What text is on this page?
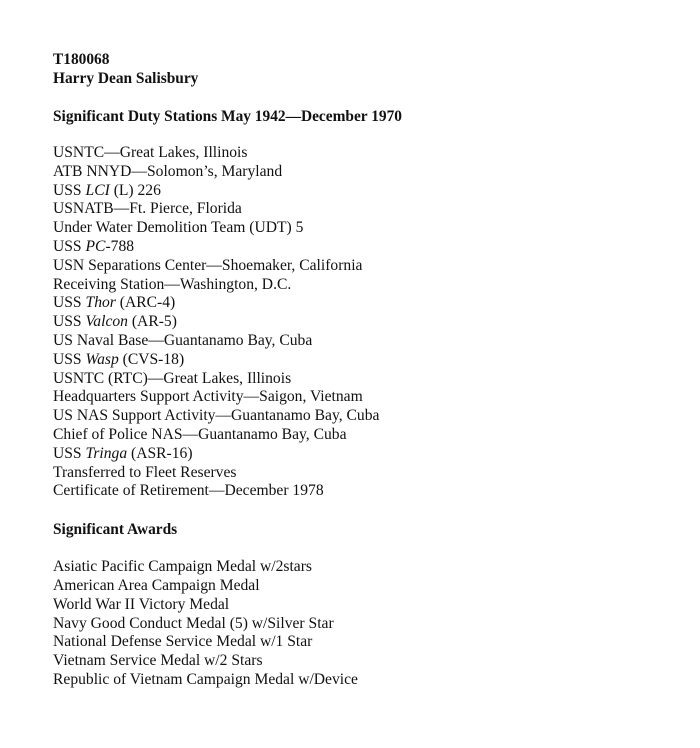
T180068
Harry Dean Salisbury
Significant Duty Stations May 1942—December 1970
USNTC—Great Lakes, Illinois
ATB NNYD—Solomon’s, Maryland
USS LCI (L) 226
USNATB—Ft. Pierce, Florida
Under Water Demolition Team (UDT) 5
USS PC-788
USN Separations Center—Shoemaker, California
Receiving Station—Washington, D.C.
USS Thor (ARC-4)
USS Valcon (AR-5)
US Naval Base—Guantanamo Bay, Cuba
USS Wasp (CVS-18)
USNTC (RTC)—Great Lakes, Illinois
Headquarters Support Activity—Saigon, Vietnam
US NAS Support Activity—Guantanamo Bay, Cuba
Chief of Police NAS—Guantanamo Bay, Cuba
USS Tringa (ASR-16)
Transferred to Fleet Reserves
Certificate of Retirement—December 1978
Significant Awards
Asiatic Pacific Campaign Medal w/2stars
American Area Campaign Medal
World War II Victory Medal
Navy Good Conduct Medal (5) w/Silver Star
National Defense Service Medal w/1 Star
Vietnam Service Medal w/2 Stars
Republic of Vietnam Campaign Medal w/Device
